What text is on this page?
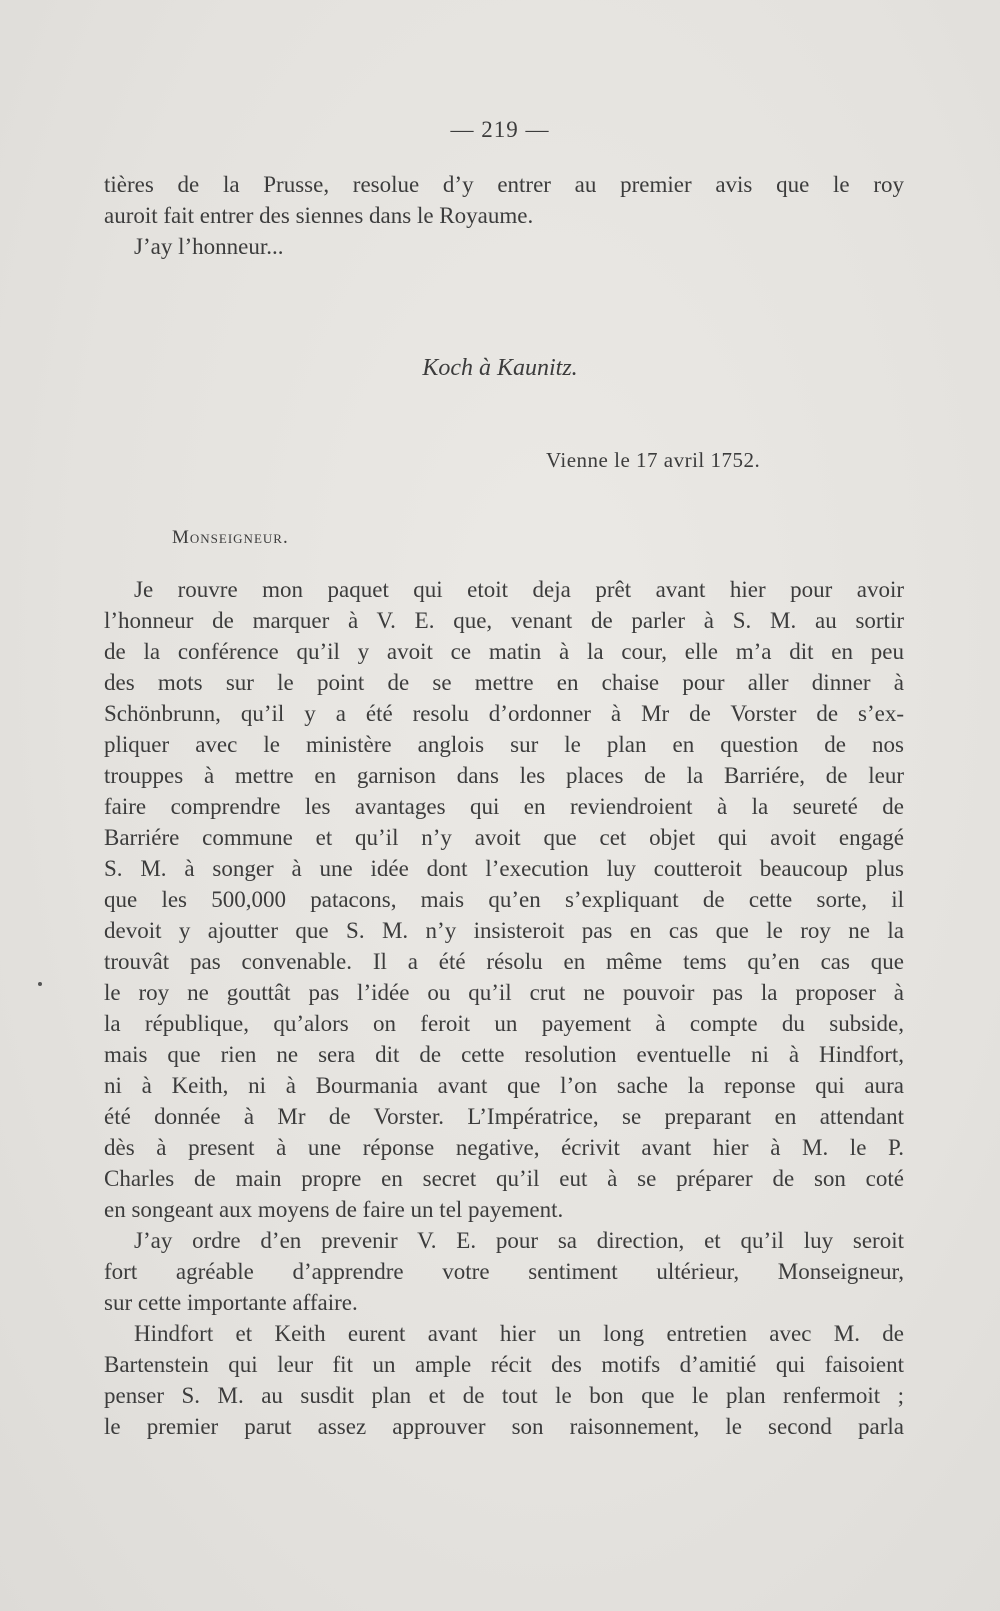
— 219 —
tières de la Prusse, resolue d’y entrer au premier avis que le roy
auroit fait entrer des siennes dans le Royaume.
J’ay l’honneur...
Koch à Kaunitz.
Vienne le 17 avril 1752.
Monseigneur.
Je rouvre mon paquet qui etoit deja prêt avant hier pour avoir
l’honneur de marquer à V. E. que, venant de parler à S. M. au sortir
de la conférence qu’il y avoit ce matin à la cour, elle m’a dit en peu
des mots sur le point de se mettre en chaise pour aller dinner à
Schönbrunn, qu’il y a été resolu d’ordonner à Mr de Vorster de s’ex-
pliquer avec le ministère anglois sur le plan en question de nos
trouppes à mettre en garnison dans les places de la Barriére, de leur
faire comprendre les avantages qui en reviendroient à la seureté de
Barriére commune et qu’il n’y avoit que cet objet qui avoit engagé
S. M. à songer à une idée dont l’execution luy coutteroit beaucoup plus
que les 500,000 patacons, mais qu’en s’expliquant de cette sorte, il
devoit y ajoutter que S. M. n’y insisteroit pas en cas que le roy ne la
trouvât pas convenable. Il a été résolu en même tems qu’en cas que
le roy ne gouttât pas l’idée ou qu’il crut ne pouvoir pas la proposer à
la république, qu’alors on feroit un payement à compte du subside,
mais que rien ne sera dit de cette resolution eventuelle ni à Hindfort,
ni à Keith, ni à Bourmania avant que l’on sache la reponse qui aura
été donnée à Mr de Vorster. L’Impératrice, se preparant en attendant
dès à present à une réponse negative, écrivit avant hier à M. le P.
Charles de main propre en secret qu’il eut à se préparer de son coté
en songeant aux moyens de faire un tel payement.
J’ay ordre d’en prevenir V. E. pour sa direction, et qu’il luy seroit
fort agréable d’apprendre votre sentiment ultérieur, Monseigneur,
sur cette importante affaire.
Hindfort et Keith eurent avant hier un long entretien avec M. de
Bartenstein qui leur fit un ample récit des motifs d’amitié qui faisoient
penser S. M. au susdit plan et de tout le bon que le plan renfermoit ;
le premier parut assez approuver son raisonnement, le second parla
